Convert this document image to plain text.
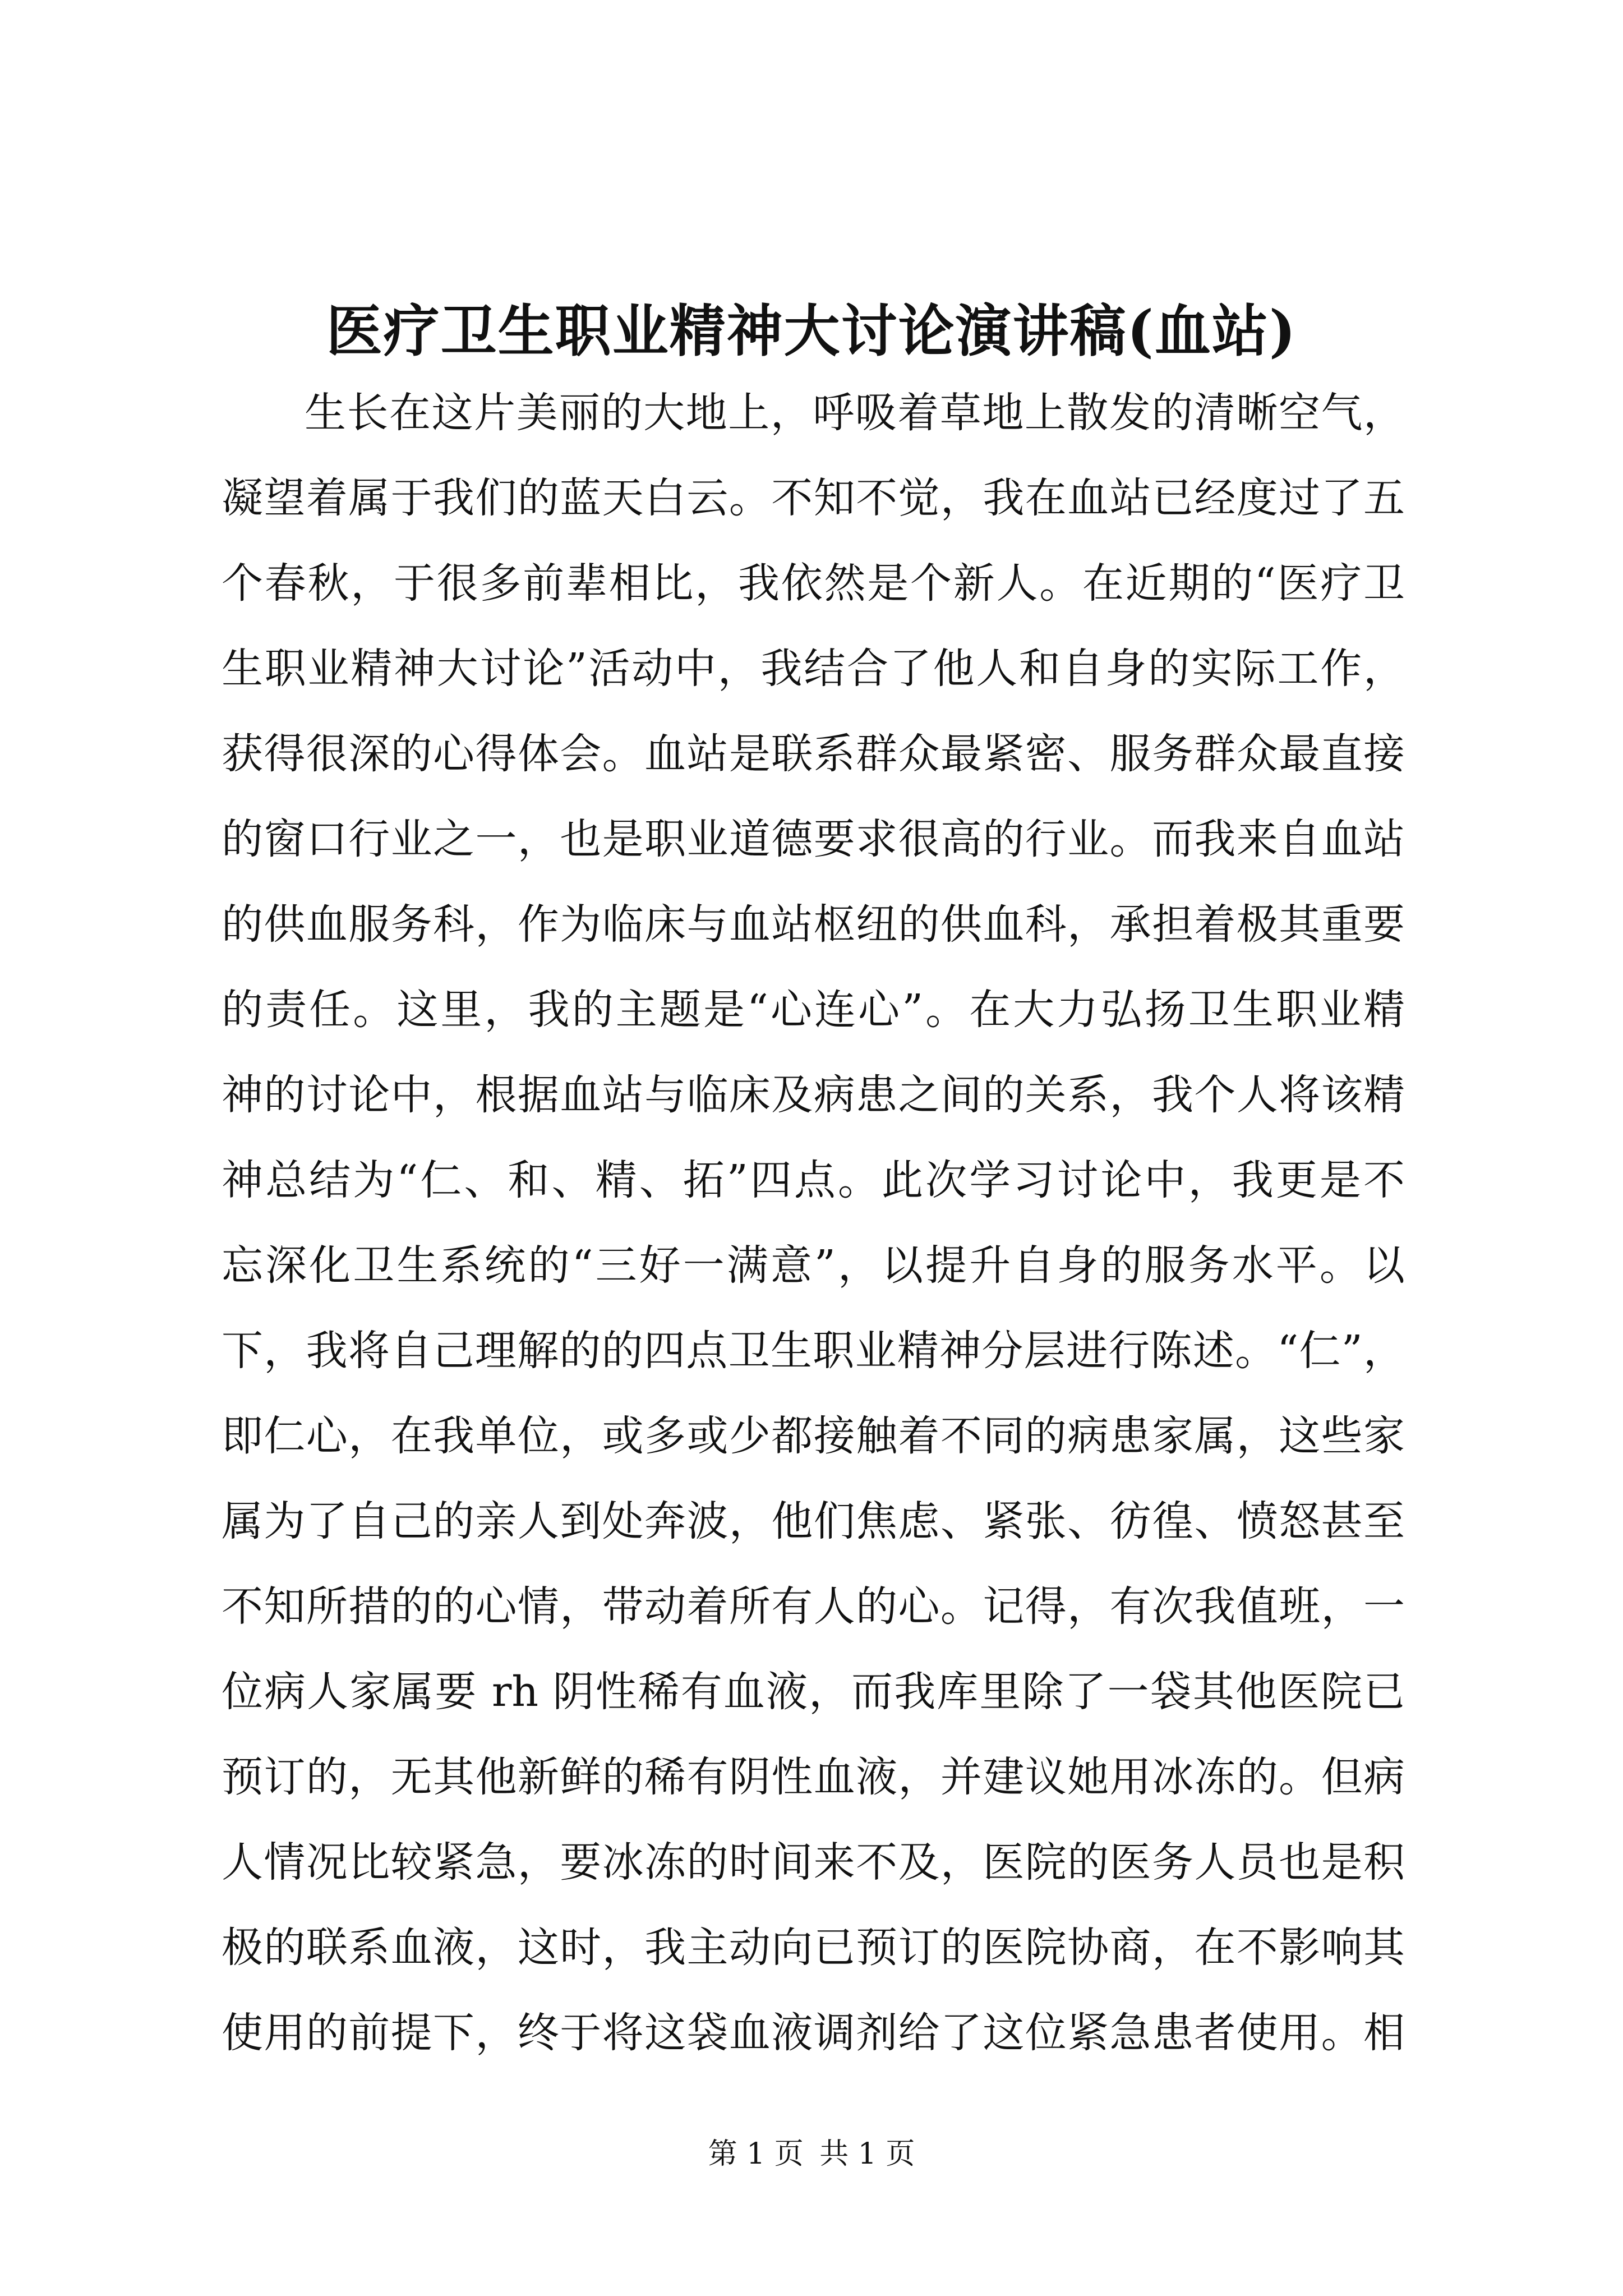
医疗卫生职业精神大讨论演讲稿(血站)
生长在这片美丽的大地上，呼吸着草地上散发的清晰空气，
凝望着属于我们的蓝天白云。不知不觉，我在血站已经度过了五
个春秋，于很多前辈相比，我依然是个新人。在近期的“医疗卫
生职业精神大讨论”活动中，我结合了他人和自身的实际工作，
获得很深的心得体会。血站是联系群众最紧密、服务群众最直接
的窗口行业之一，也是职业道德要求很高的行业。而我来自血站
的供血服务科，作为临床与血站枢纽的供血科，承担着极其重要
的责任。这里，我的主题是“心连心”。在大力弘扬卫生职业精
神的讨论中，根据血站与临床及病患之间的关系，我个人将该精
神总结为“仁、和、精、拓”四点。此次学习讨论中，我更是不
忘深化卫生系统的“三好一满意”，以提升自身的服务水平。以
下，我将自己理解的的四点卫生职业精神分层进行陈述。“仁”，
即仁心，在我单位，或多或少都接触着不同的病患家属，这些家
属为了自己的亲人到处奔波，他们焦虑、紧张、彷徨、愤怒甚至
不知所措的的心情，带动着所有人的心。记得，有次我值班，一
位病人家属要 rh 阴性稀有血液，而我库里除了一袋其他医院已
预订的，无其他新鲜的稀有阴性血液，并建议她用冰冻的。但病
人情况比较紧急，要冰冻的时间来不及，医院的医务人员也是积
极的联系血液，这时，我主动向已预订的医院协商，在不影响其
使用的前提下，终于将这袋血液调剂给了这位紧急患者使用。相
第 1 页 共 1 页
